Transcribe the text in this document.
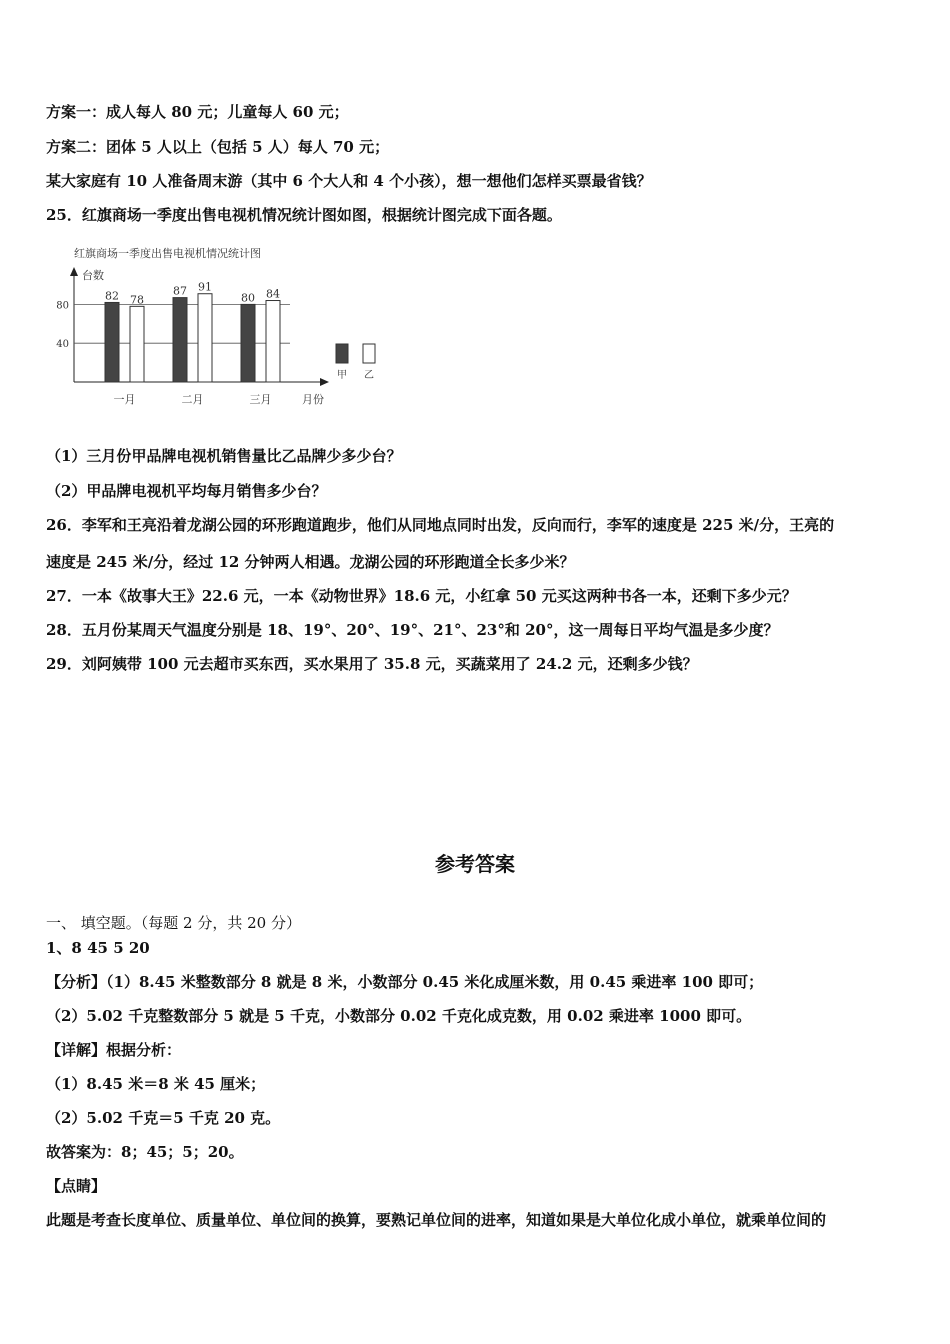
方案一：成人每人 80 元；儿童每人 60 元；
方案二：团体 5 人以上（包括 5 人）每人 70 元；
某大家庭有 10 人准备周末游（其中 6 个大人和 4 个小孩），想一想他们怎样买票最省钱？
25．红旗商场一季度出售电视机情况统计图如图，根据统计图完成下面各题。
红旗商场一季度出售电视机情况统计图
台数
月份
40
80
82 78
87 91
80 84
一月	二月	三月
甲 乙
（1）三月份甲品牌电视机销售量比乙品牌少多少台？
（2）甲品牌电视机平均每月销售多少台？
26．李军和王亮沿着龙湖公园的环形跑道跑步，他们从同地点同时出发，反向而行，李军的速度是 225 米/分，王亮的
速度是 245 米/分，经过 12 分钟两人相遇。龙湖公园的环形跑道全长多少米？
27．一本《故事大王》22.6 元，一本《动物世界》18.6 元，小红拿 50 元买这两种书各一本，还剩下多少元？
28．五月份某周天气温度分别是 18、19°、20°、19°、21°、23°和 20°，这一周每日平均气温是多少度？
29．刘阿姨带 100 元去超市买东西，买水果用了 35.8 元，买蔬菜用了 24.2 元，还剩多少钱？
参考答案
一、 填空题。（每题 2 分，共 20 分）
1、8 45 5 20
【分析】（1）8.45 米整数部分 8 就是 8 米，小数部分 0.45 米化成厘米数，用 0.45 乘进率 100 即可；
（2）5.02 千克整数部分 5 就是 5 千克，小数部分 0.02 千克化成克数，用 0.02 乘进率 1000 即可。
【详解】根据分析：
（1）8.45 米＝8 米 45 厘米；
（2）5.02 千克＝5 千克 20 克。
故答案为：8；45；5；20。
【点睛】
此题是考查长度单位、质量单位、单位间的换算，要熟记单位间的进率，知道如果是大单位化成小单位，就乘单位间的
